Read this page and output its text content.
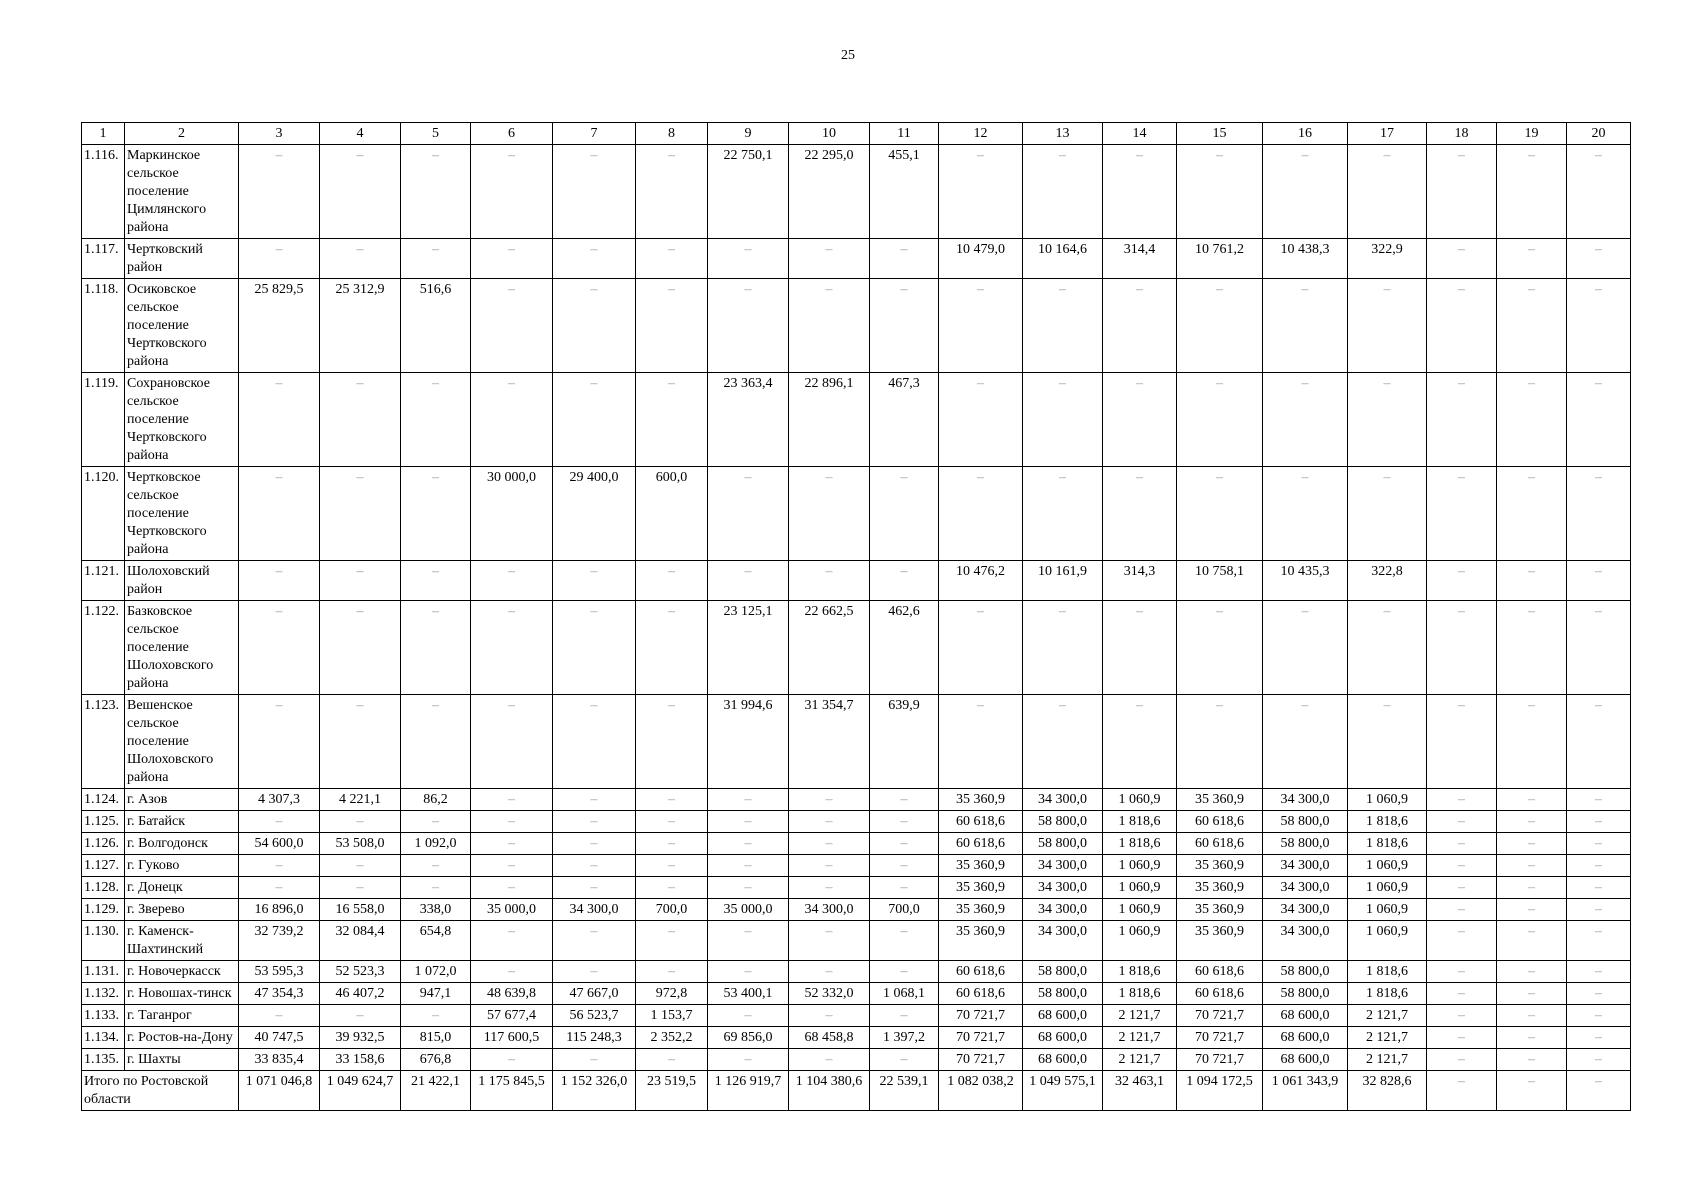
25
1	2	3	4	5	6	7	8	9	10	11	12	13	14	15	16	17	18	19	20
1.116.	Маркинское сельское поселение Цимлянского района	–	–	–	–	–	–	22 750,1	22 295,0	455,1	–	–	–	–	–	–	–	–	–
1.117.	Чертковский район	–	–	–	–	–	–	–	–	–	10 479,0	10 164,6	314,4	10 761,2	10 438,3	322,9	–	–	–
1.118.	Осиковское сельское поселение Чертковского района	25 829,5	25 312,9	516,6	–	–	–	–	–	–	–	–	–	–	–	–	–	–	–
1.119.	Сохрановское сельское поселение Чертковского района	–	–	–	–	–	–	23 363,4	22 896,1	467,3	–	–	–	–	–	–	–	–	–
1.120.	Чертковское сельское поселение Чертковского района	–	–	–	30 000,0	29 400,0	600,0	–	–	–	–	–	–	–	–	–	–	–	–
1.121.	Шолоховский район	–	–	–	–	–	–	–	–	–	10 476,2	10 161,9	314,3	10 758,1	10 435,3	322,8	–	–	–
1.122.	Базковское сельское поселение Шолоховского района	–	–	–	–	–	–	23 125,1	22 662,5	462,6	–	–	–	–	–	–	–	–	–
1.123.	Вешенское сельское поселение Шолоховского района	–	–	–	–	–	–	31 994,6	31 354,7	639,9	–	–	–	–	–	–	–	–	–
1.124.	г. Азов	4 307,3	4 221,1	86,2	–	–	–	–	–	–	35 360,9	34 300,0	1 060,9	35 360,9	34 300,0	1 060,9	–	–	–
1.125.	г. Батайск	–	–	–	–	–	–	–	–	–	60 618,6	58 800,0	1 818,6	60 618,6	58 800,0	1 818,6	–	–	–
1.126.	г. Волгодонск	54 600,0	53 508,0	1 092,0	–	–	–	–	–	–	60 618,6	58 800,0	1 818,6	60 618,6	58 800,0	1 818,6	–	–	–
1.127.	г. Гуково	–	–	–	–	–	–	–	–	–	35 360,9	34 300,0	1 060,9	35 360,9	34 300,0	1 060,9	–	–	–
1.128.	г. Донецк	–	–	–	–	–	–	–	–	–	35 360,9	34 300,0	1 060,9	35 360,9	34 300,0	1 060,9	–	–	–
1.129.	г. Зверево	16 896,0	16 558,0	338,0	35 000,0	34 300,0	700,0	35 000,0	34 300,0	700,0	35 360,9	34 300,0	1 060,9	35 360,9	34 300,0	1 060,9	–	–	–
1.130.	г. Каменск-Шахтинский	32 739,2	32 084,4	654,8	–	–	–	–	–	–	35 360,9	34 300,0	1 060,9	35 360,9	34 300,0	1 060,9	–	–	–
1.131.	г. Новочеркасск	53 595,3	52 523,3	1 072,0	–	–	–	–	–	–	60 618,6	58 800,0	1 818,6	60 618,6	58 800,0	1 818,6	–	–	–
1.132.	г. Новошах-тинск	47 354,3	46 407,2	947,1	48 639,8	47 667,0	972,8	53 400,1	52 332,0	1 068,1	60 618,6	58 800,0	1 818,6	60 618,6	58 800,0	1 818,6	–	–	–
1.133.	г. Таганрог	–	–	–	57 677,4	56 523,7	1 153,7	–	–	–	70 721,7	68 600,0	2 121,7	70 721,7	68 600,0	2 121,7	–	–	–
1.134.	г. Ростов-на-Дону	40 747,5	39 932,5	815,0	117 600,5	115 248,3	2 352,2	69 856,0	68 458,8	1 397,2	70 721,7	68 600,0	2 121,7	70 721,7	68 600,0	2 121,7	–	–	–
1.135.	г. Шахты	33 835,4	33 158,6	676,8	–	–	–	–	–	–	70 721,7	68 600,0	2 121,7	70 721,7	68 600,0	2 121,7	–	–	–
Итого по Ростовской области		1 071 046,8	1 049 624,7	21 422,1	1 175 845,5	1 152 326,0	23 519,5	1 126 919,7	1 104 380,6	22 539,1	1 082 038,2	1 049 575,1	32 463,1	1 094 172,5	1 061 343,9	32 828,6	–	–	–
